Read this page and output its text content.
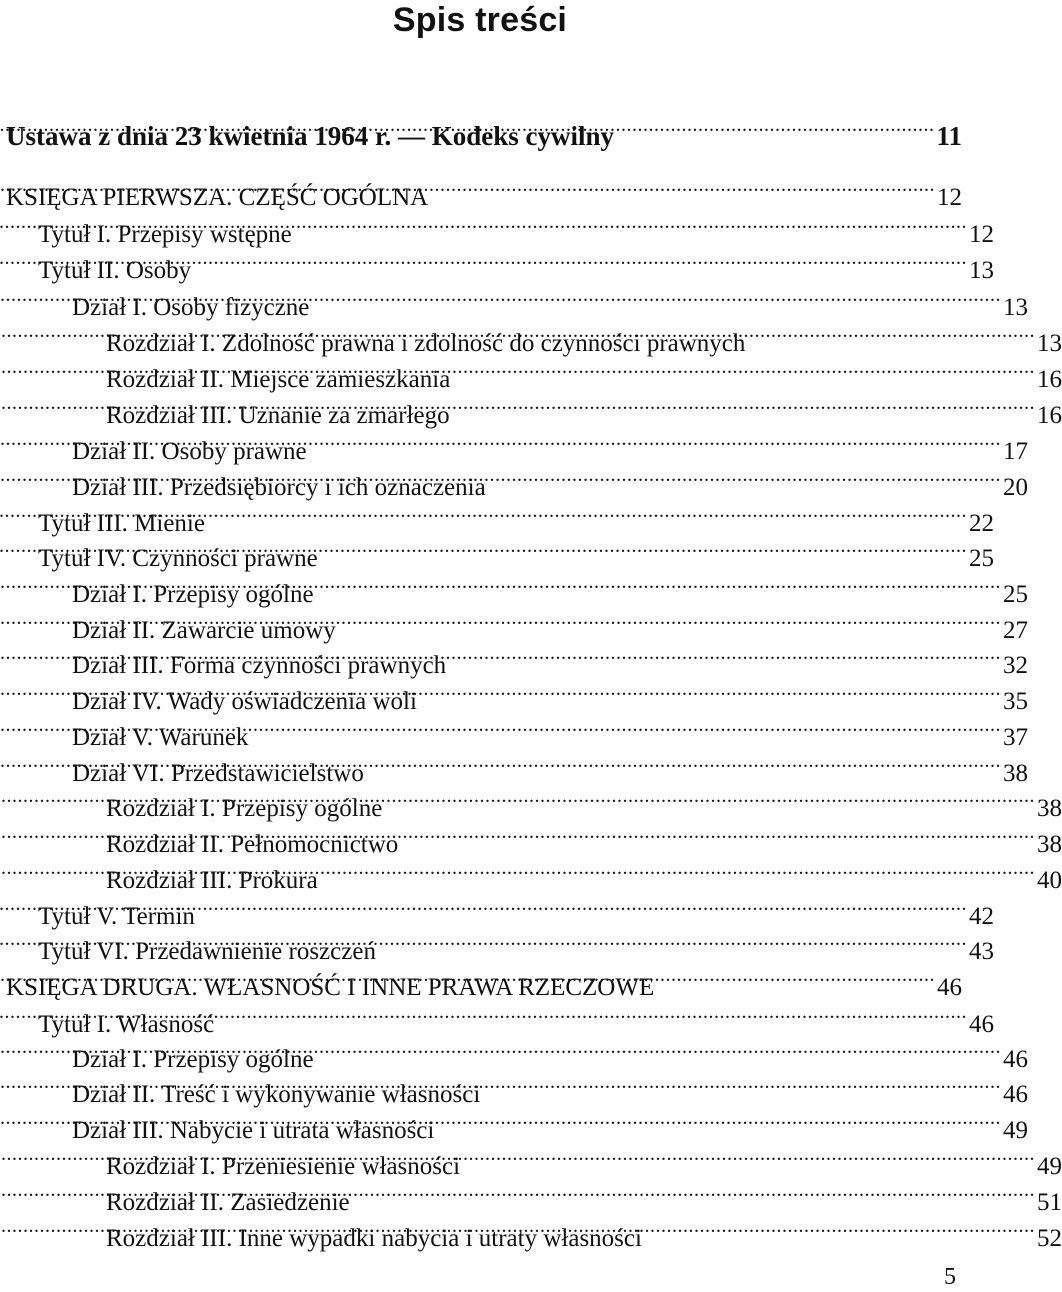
Spis treści
Ustawa z dnia 23 kwietnia 1964 r. — Kodeks cywilny .....	11
KSIĘGA PIERWSZA. CZĘŚĆ OGÓLNA .....	12
Tytuł I. Przepisy wstępne .....	12
Tytuł II. Osoby .....	13
Dział I. Osoby fizyczne .....	13
Rozdział I. Zdolność prawna i zdolność do czynności prawnych .....	13
Rozdział II. Miejsce zamieszkania .....	16
Rozdział III. Uznanie za zmarłego .....	16
Dział II. Osoby prawne .....	17
Dział III. Przedsiębiorcy i ich oznaczenia .....	20
Tytuł III. Mienie .....	22
Tytuł IV. Czynności prawne .....	25
Dział I. Przepisy ogólne .....	25
Dział II. Zawarcie umowy .....	27
Dział III. Forma czynności prawnych .....	32
Dział IV. Wady oświadczenia woli .....	35
Dział V. Warunek .....	37
Dział VI. Przedstawicielstwo .....	38
Rozdział I. Przepisy ogólne .....	38
Rozdział II. Pełnomocnictwo .....	38
Rozdział III. Prokura .....	40
Tytuł V. Termin .....	42
Tytuł VI. Przedawnienie roszczeń .....	43
KSIĘGA DRUGA. WŁASNOŚĆ I INNE PRAWA RZECZOWE .....	46
Tytuł I. Własność .....	46
Dział I. Przepisy ogólne .....	46
Dział II. Treść i wykonywanie własności .....	46
Dział III. Nabycie i utrata własności .....	49
Rozdział I. Przeniesienie własności .....	49
Rozdział II. Zasiedzenie .....	51
Rozdział III. Inne wypadki nabycia i utraty własności .....	52
5
